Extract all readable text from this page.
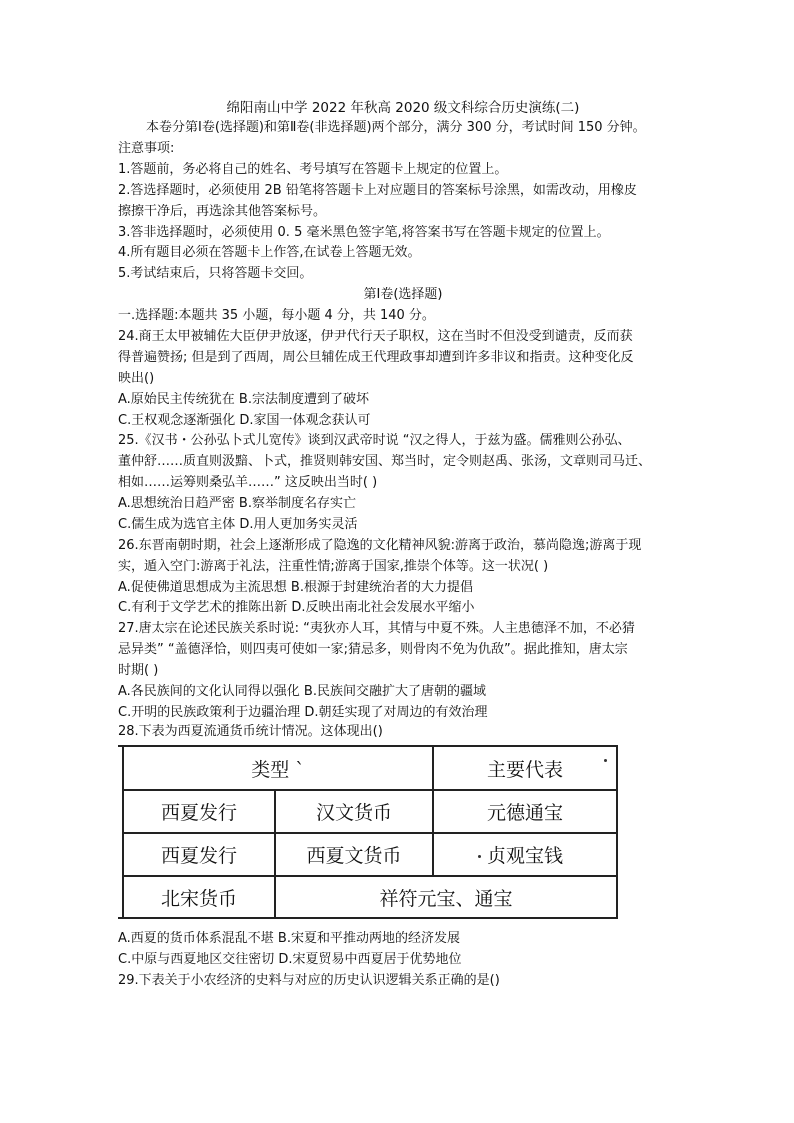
绵阳南山中学 2022 年秋高 2020 级文科综合历史演练(二)
本卷分第Ⅰ卷(选择题)和第Ⅱ卷(非选择题)两个部分，满分 300 分，考试时间 150 分钟。
注意事项:
1.答题前，务必将自己的姓名、考号填写在答题卡上规定的位置上。
2.答选择题时，必须使用 2B 铅笔将答题卡上对应题目的答案标号涂黑，如需改动，用橡皮
擦擦干净后，再选涂其他答案标号。
3.答非选择题时，必须使用 0. 5 毫米黑色签字笔,将答案书写在答题卡规定的位置上。
4.所有题目必须在答题卡上作答,在试卷上答题无效。
5.考试结束后，只将答题卡交回。
第Ⅰ卷(选择题)
一.选择题:本题共 35 小题，每小题 4 分，共 140 分。
24.商王太甲被辅佐大臣伊尹放逐，伊尹代行天子职权，这在当时不但没受到谴责，反而获
得普遍赞扬; 但是到了西周，周公旦辅佐成王代理政事却遭到许多非议和指责。这种变化反
映出()
A.原始民主传统犹在 B.宗法制度遭到了破坏
C.王权观念逐渐强化 D.家国一体观念获认可
25.《汉书・公孙弘卜式儿宽传》谈到汉武帝时说 “汉之得人，于兹为盛。儒雅则公孙弘、
董仲舒……质直则汲黯、卜式，推贤则韩安国、郑当时，定令则赵禹、张汤，文章则司马迁、
相如……运筹则桑弘羊……” 这反映出当时( )
A.思想统治日趋严密 B.察举制度名存实亡
C.儒生成为选官主体 D.用人更加务实灵活
26.东晋南朝时期，社会上逐渐形成了隐逸的文化精神风貌:游离于政治，慕尚隐逸;游离于现
实，遁入空门:游离于礼法，注重性情;游离于国家,推崇个体等。这一状况( )
A.促使佛道思想成为主流思想 B.根源于封建统治者的大力提倡
C.有利于文学艺术的推陈出新 D.反映出南北社会发展水平缩小
27.唐太宗在论述民族关系时说: “夷狄亦人耳，其情与中夏不殊。人主患德泽不加，不必猜
忌异类” “盖德泽恰，则四夷可使如一家;猜忌多，则骨肉不免为仇敌”。据此推知，唐太宗
时期( )
A.各民族间的文化认同得以强化 B.民族间交融扩大了唐朝的疆域
C.开明的民族政策利于边疆治理 D.朝廷实现了对周边的有效治理
28.下表为西夏流通货币统计情况。这体现出()
类型 `	主要代表
西夏发行	汉文货币	元德通宝
西夏发行	西夏文货币	贞观宝钱
北宋货币	祥符元宝、通宝
A.西夏的货币体系混乱不堪 B.宋夏和平推动两地的经济发展
C.中原与西夏地区交往密切 D.宋夏贸易中西夏居于优势地位
29.下表关于小农经济的史料与对应的历史认识逻辑关系正确的是()
